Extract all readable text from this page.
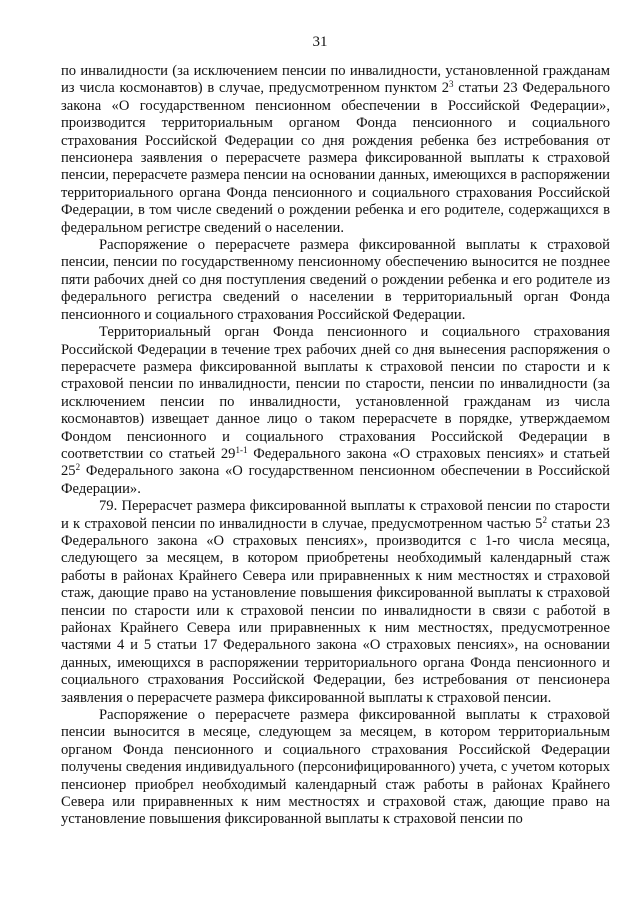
31

по инвалидности (за исключением пенсии по инвалидности, установленной гражданам из числа космонавтов) в случае, предусмотренном пунктом $2^3$ статьи 23 Федерального закона «О государственном пенсионном обеспечении в Российской Федерации», производится территориальным органом Фонда пенсионного и социального страхования Российской Федерации со дня рождения ребенка без истребования от пенсионера заявления о перерасчете размера фиксированной выплаты к страховой пенсии, перерасчете размера пенсии на основании данных, имеющихся в распоряжении территориального органа Фонда пенсионного и социального страхования Российской Федерации, в том числе сведений о рождении ребенка и его родителе, содержащихся в федеральном регистре сведений о населении.

Распоряжение о перерасчете размера фиксированной выплаты к страховой пенсии, пенсии по государственному пенсионному обеспечению выносится не позднее пяти рабочих дней со дня поступления сведений о рождении ребенка и его родителе из федерального регистра сведений о населении в территориальный орган Фонда пенсионного и социального страхования Российской Федерации.

Территориальный орган Фонда пенсионного и социального страхования Российской Федерации в течение трех рабочих дней со дня вынесения распоряжения о перерасчете размера фиксированной выплаты к страховой пенсии по старости и к страховой пенсии по инвалидности, пенсии по старости, пенсии по инвалидности (за исключением пенсии по инвалидности, установленной гражданам из числа космонавтов) извещает данное лицо о таком перерасчете в порядке, утверждаемом Фондом пенсионного и социального страхования Российской Федерации в соответствии со статьей 29$^{1-1}$ Федерального закона «О страховых пенсиях» и статьей $25^2$ Федерального закона «О государственном пенсионном обеспечении в Российской Федерации».

79. Перерасчет размера фиксированной выплаты к страховой пенсии по старости и к страховой пенсии по инвалидности в случае, предусмотренном частью $5^2$ статьи 23 Федерального закона «О страховых пенсиях», производится с 1-го числа месяца, следующего за месяцем, в котором приобретены необходимый календарный стаж работы в районах Крайнего Севера или приравненных к ним местностях и страховой стаж, дающие право на установление повышения фиксированной выплаты к страховой пенсии по старости или к страховой пенсии по инвалидности в связи с работой в районах Крайнего Севера или приравненных к ним местностях, предусмотренное частями 4 и 5 статьи 17 Федерального закона «О страховых пенсиях», на основании данных, имеющихся в распоряжении территориального органа Фонда пенсионного и социального страхования Российской Федерации, без истребования от пенсионера заявления о перерасчете размера фиксированной выплаты к страховой пенсии.

Распоряжение о перерасчете размера фиксированной выплаты к страховой пенсии выносится в месяце, следующем за месяцем, в котором территориальным органом Фонда пенсионного и социального страхования Российской Федерации получены сведения индивидуального (персонифицированного) учета, с учетом которых пенсионер приобрел необходимый календарный стаж работы в районах Крайнего Севера или приравненных к ним местностях и страховой стаж, дающие право на установление повышения фиксированной выплаты к страховой пенсии по
